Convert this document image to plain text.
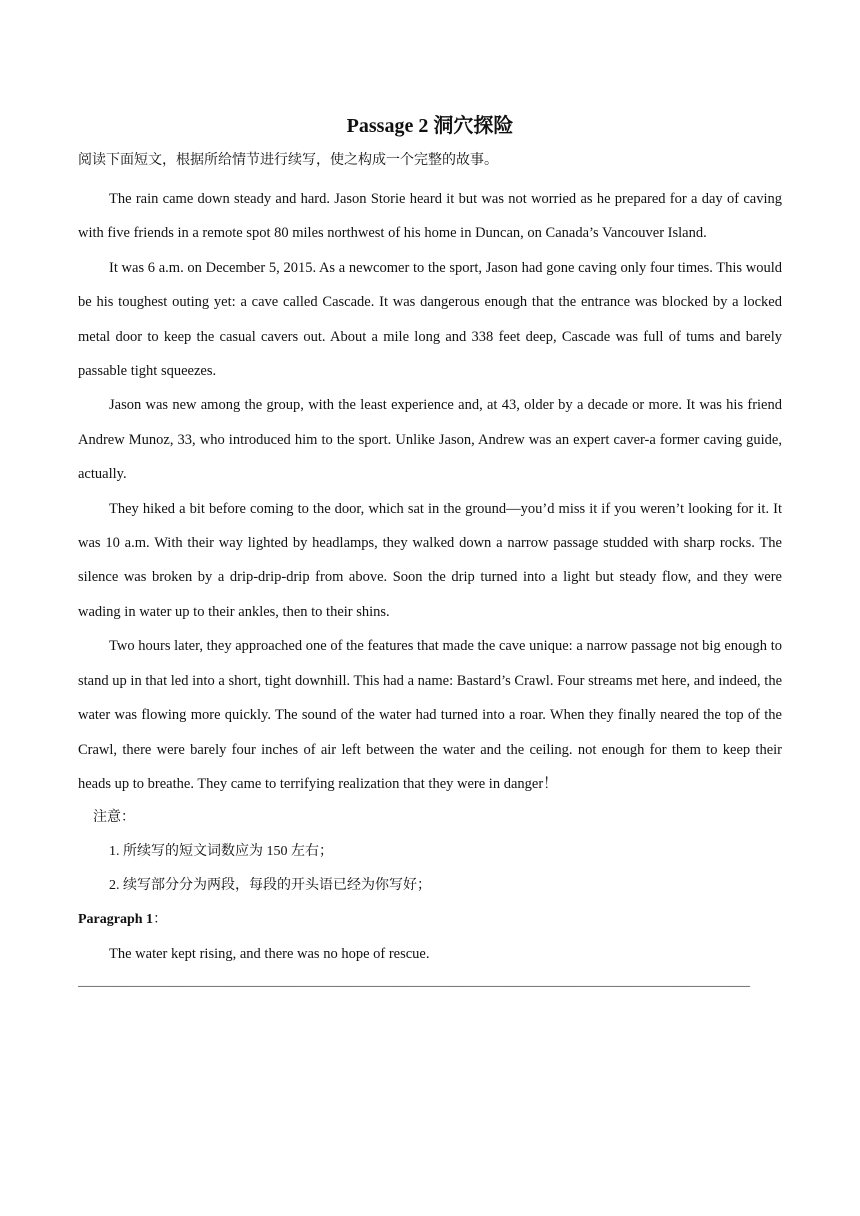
Passage 2 洞穴探险
阅读下面短文，根据所给情节进行续写，使之构成一个完整的故事。

The rain came down steady and hard. Jason Storie heard it but was not worried as he prepared for a day of caving with five friends in a remote spot 80 miles northwest of his home in Duncan, on Canada’s Vancouver Island.

It was 6 a.m. on December 5, 2015. As a newcomer to the sport, Jason had gone caving only four times. This would be his toughest outing yet: a cave called Cascade. It was dangerous enough that the entrance was blocked by a locked metal door to keep the casual cavers out. About a mile long and 338 feet deep, Cascade was full of tums and barely passable tight squeezes.

Jason was new among the group, with the least experience and, at 43, older by a decade or more. It was his friend Andrew Munoz, 33, who introduced him to the sport. Unlike Jason, Andrew was an expert caver-a former caving guide, actually.

They hiked a bit before coming to the door, which sat in the ground—you’d miss it if you weren’t looking for it. It was 10 a.m. With their way lighted by headlamps, they walked down a narrow passage studded with sharp rocks. The silence was broken by a drip-drip-drip from above. Soon the drip turned into a light but steady flow, and they were wading in water up to their ankles, then to their shins.

Two hours later, they approached one of the features that made the cave unique: a narrow passage not big enough to stand up in that led into a short, tight downhill. This had a name: Bastard’s Crawl. Four streams met here, and indeed, the water was flowing more quickly. The sound of the water had turned into a roar. When they finally neared the top of the Crawl, there were barely four inches of air left between the water and the ceiling. not enough for them to keep their heads up to breathe. They came to terrifying realization that they were in danger！

注意：
1. 所续写的短文词数应为 150 左右；
2. 续写部分分为两段，每段的开头语已经为你写好；
Paragraph 1：
The water kept rising, and there was no hope of rescue.
________________________________________________________________________________________________
